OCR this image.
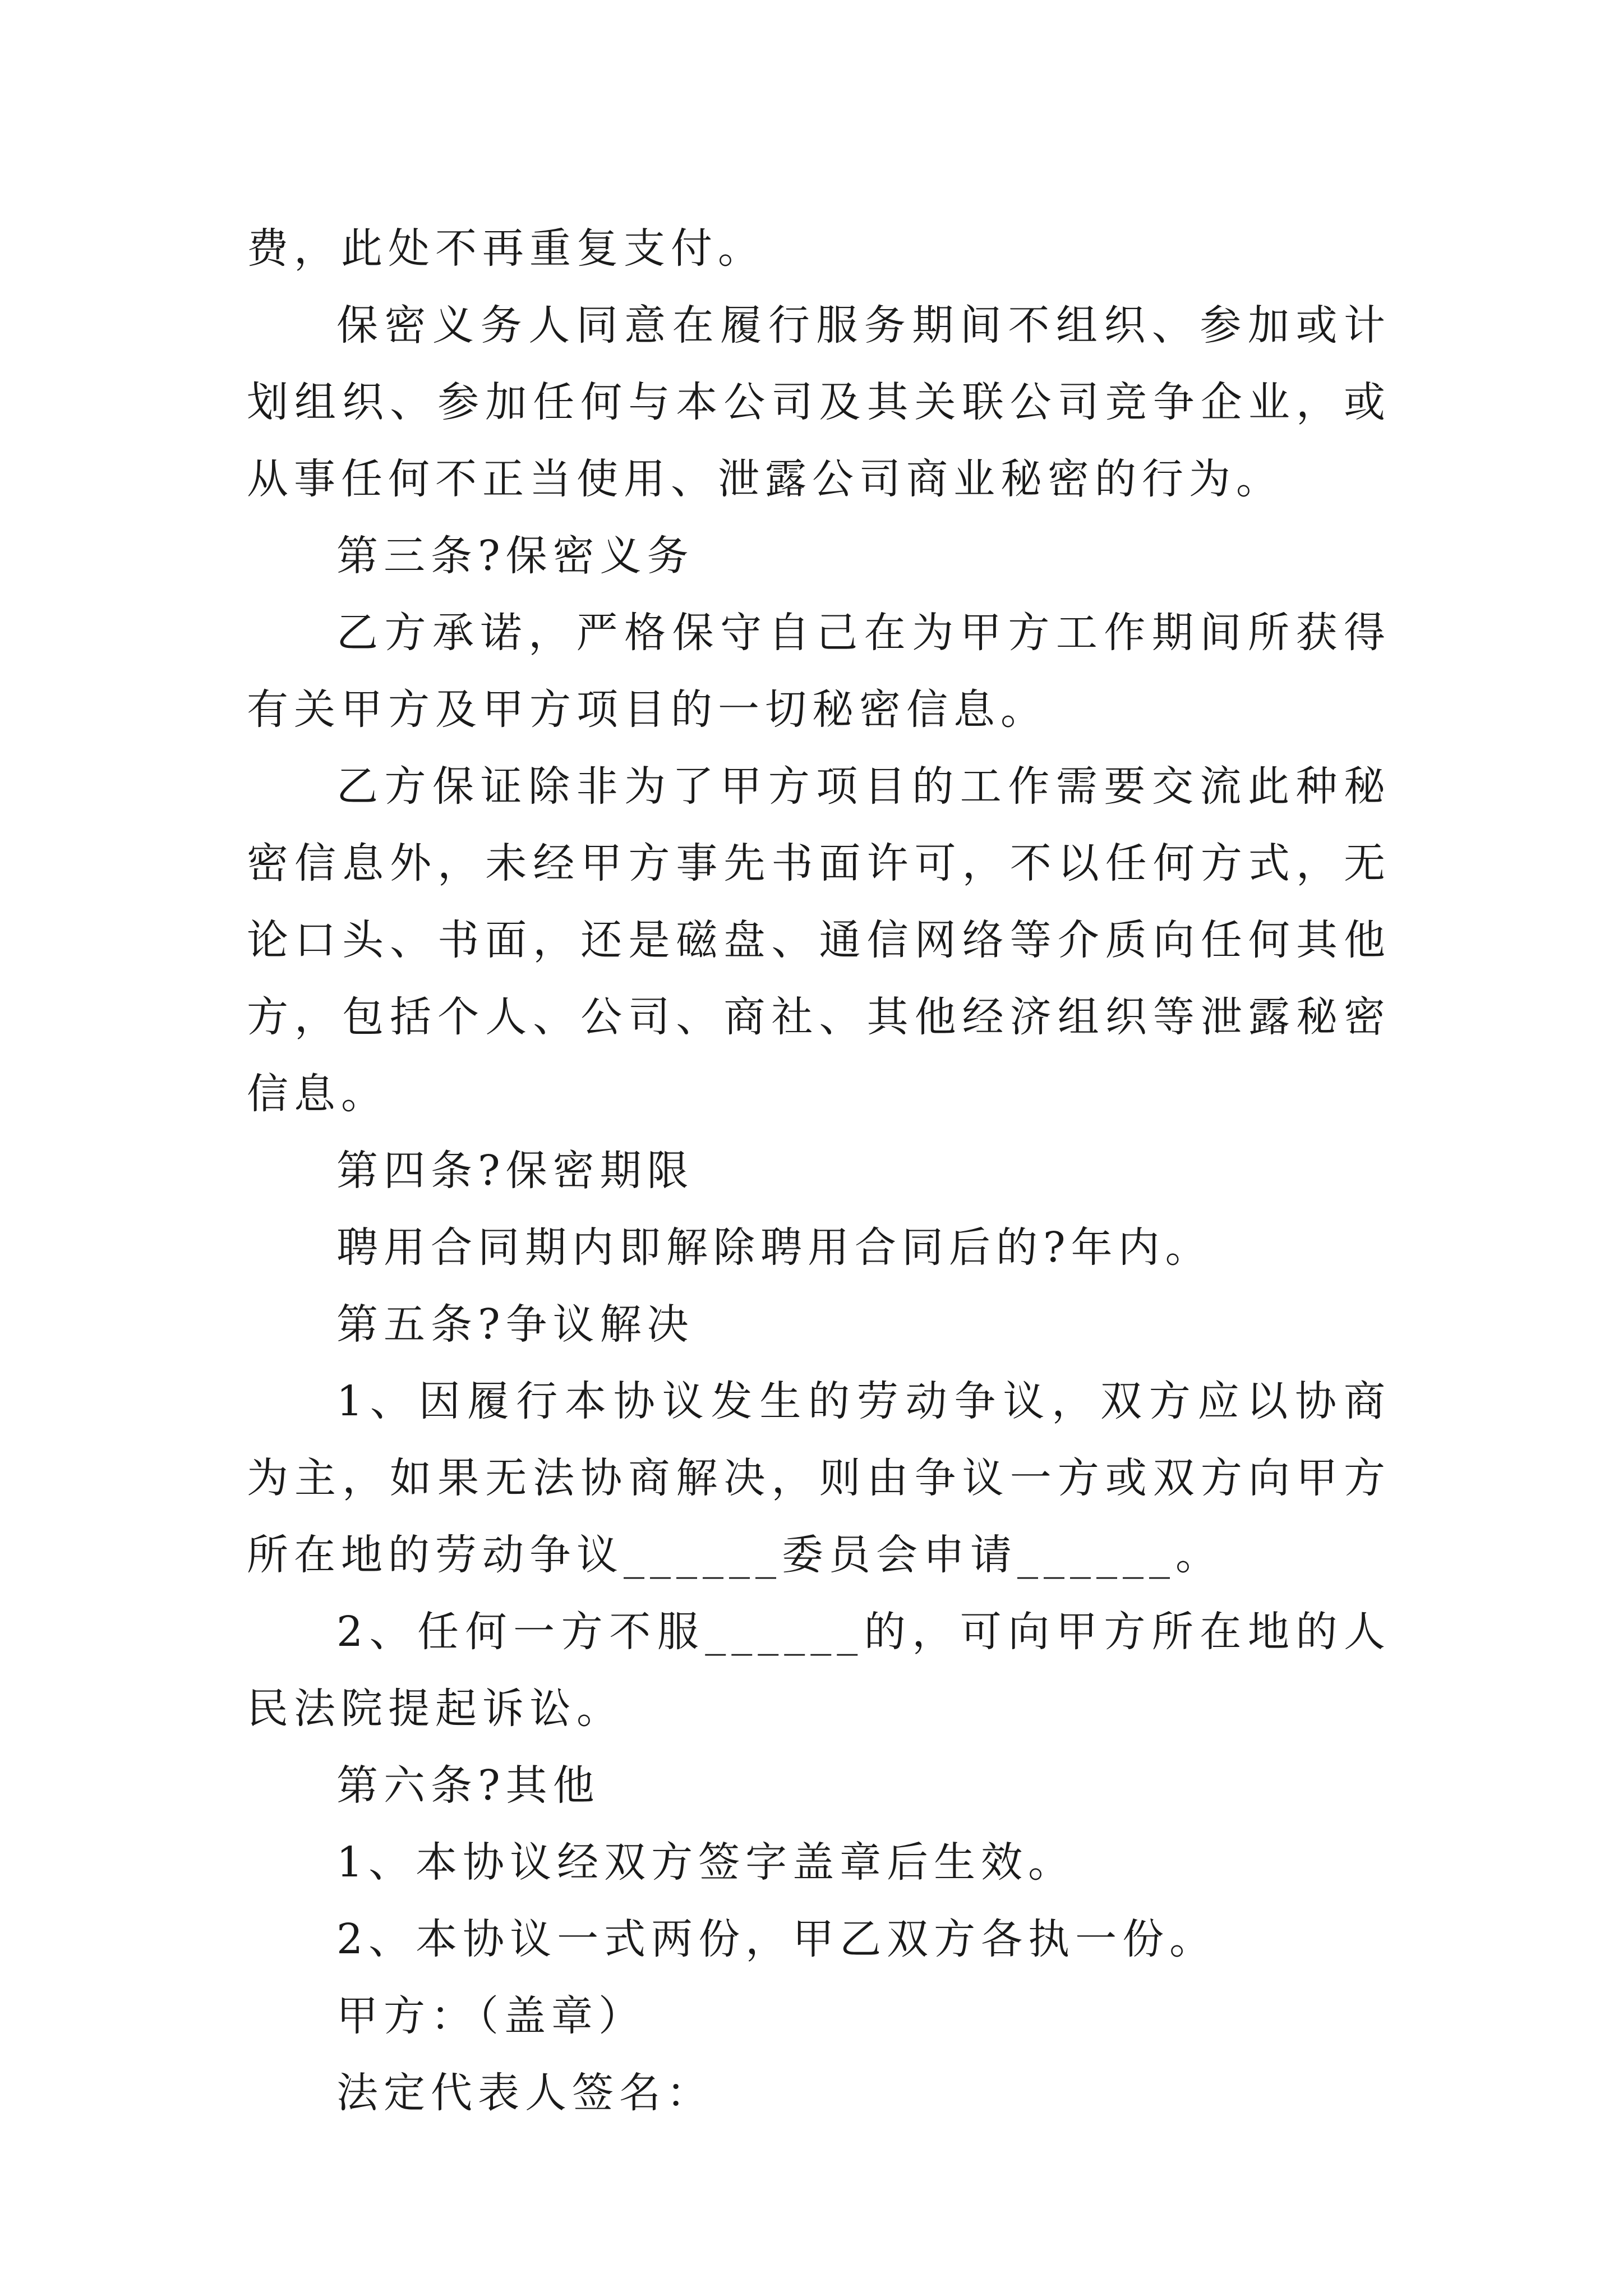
费，此处不再重复支付。

保密义务人同意在履行服务期间不组织、参加或计划组织、参加任何与本公司及其关联公司竞争企业，或从事任何不正当使用、泄露公司商业秘密的行为。

第三条?保密义务

乙方承诺，严格保守自己在为甲方工作期间所获得有关甲方及甲方项目的一切秘密信息。

乙方保证除非为了甲方项目的工作需要交流此种秘密信息外，未经甲方事先书面许可，不以任何方式，无论口头、书面，还是磁盘、通信网络等介质向任何其他方，包括个人、公司、商社、其他经济组织等泄露秘密信息。

第四条?保密期限

聘用合同期内即解除聘用合同后的?年内。

第五条?争议解决

1、因履行本协议发生的劳动争议，双方应以协商为主，如果无法协商解决，则由争议一方或双方向甲方所在地的劳动争议______委员会申请______。

2、任何一方不服______的，可向甲方所在地的人民法院提起诉讼。

第六条?其他

1、本协议经双方签字盖章后生效。

2、本协议一式两份，甲乙双方各执一份。

甲方：（盖章）

法定代表人签名：
